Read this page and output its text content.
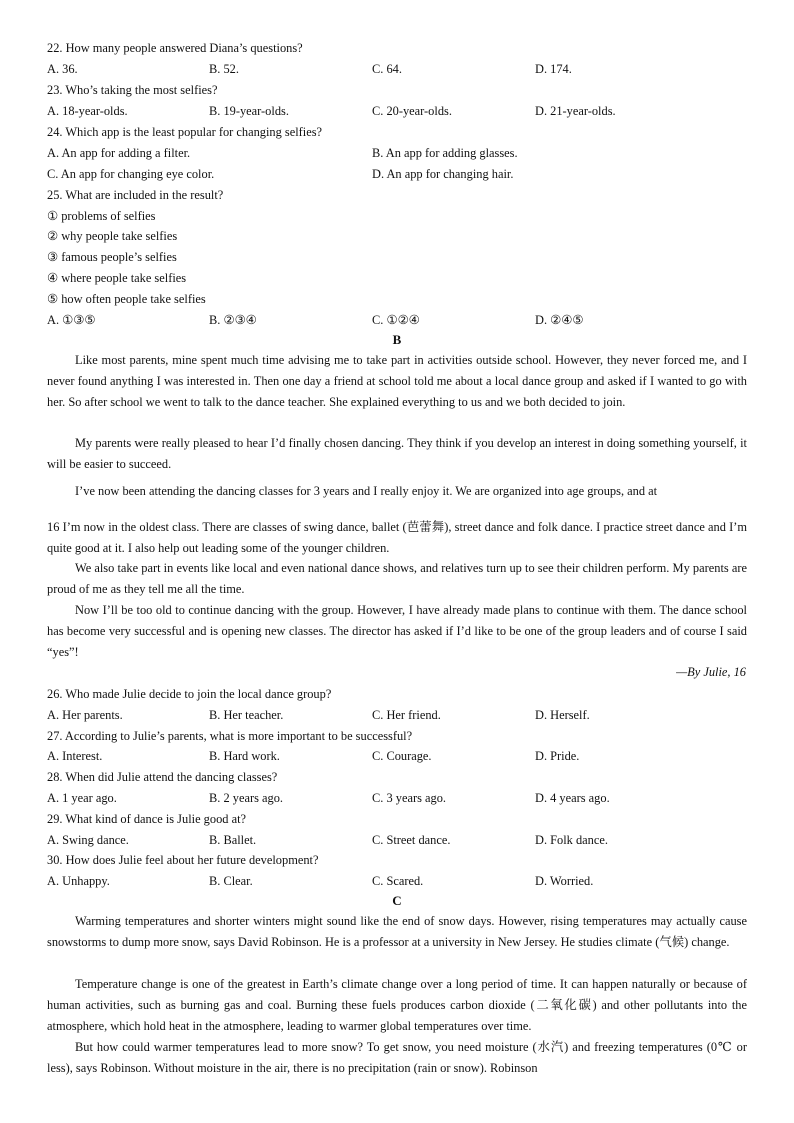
22. How many people answered Diana’s questions?
A. 36.	B. 52.	C. 64.	D. 174.
23. Who’s taking the most selfies?
A. 18-year-olds.	B. 19-year-olds.	C. 20-year-olds.	D. 21-year-olds.
24. Which app is the least popular for changing selfies?
A. An app for adding a filter.	B. An app for adding glasses.
C. An app for changing eye color.	D. An app for changing hair.
25. What are included in the result?
① problems of selfies
② why people take selfies
③ famous people’s selfies
④ where people take selfies
⑤ how often people take selfies
A. ①③⑤	B. ②③④	C. ①②④	D. ②④⑤
B
Like most parents, mine spent much time advising me to take part in activities outside school. However, they never forced me, and I never found anything I was interested in. Then one day a friend at school told me about a local dance group and asked if I wanted to go with her. So after school we went to talk to the dance teacher. She explained everything to us and we both decided to join.
My parents were really pleased to hear I’d finally chosen dancing. They think if you develop an interest in doing something yourself, it will be easier to succeed.
I’ve now been attending the dancing classes for 3 years and I really enjoy it. We are organized into age groups, and at
16 I’m now in the oldest class. There are classes of swing dance, ballet (芭蕾舞), street dance and folk dance. I practice street dance and I’m quite good at it. I also help out leading some of the younger children.
We also take part in events like local and even national dance shows, and relatives turn up to see their children perform. My parents are proud of me as they tell me all the time.
Now I’ll be too old to continue dancing with the group. However, I have already made plans to continue with them. The dance school has become very successful and is opening new classes. The director has asked if I’d like to be one of the group leaders and of course I said “yes”!
—By Julie, 16
26. Who made Julie decide to join the local dance group?
A. Her parents.	B. Her teacher.	C. Her friend.	D. Herself.
27. According to Julie’s parents, what is more important to be successful?
A. Interest.	B. Hard work.	C. Courage.	D. Pride.
28. When did Julie attend the dancing classes?
A. 1 year ago.	B. 2 years ago.	C. 3 years ago.	D. 4 years ago.
29. What kind of dance is Julie good at?
A. Swing dance.	B. Ballet.	C. Street dance.	D. Folk dance.
30. How does Julie feel about her future development?
A. Unhappy.	B. Clear.	C. Scared.	D. Worried.
C
Warming temperatures and shorter winters might sound like the end of snow days. However, rising temperatures may actually cause snowstorms to dump more snow, says David Robinson. He is a professor at a university in New Jersey. He studies climate (气候) change.
Temperature change is one of the greatest in Earth’s climate change over a long period of time. It can happen naturally or because of human activities, such as burning gas and coal. Burning these fuels produces carbon dioxide (二氧化碳) and other pollutants into the atmosphere, which hold heat in the atmosphere, leading to warmer global temperatures over time.
But how could warmer temperatures lead to more snow? To get snow, you need moisture (水汽) and freezing temperatures (0℃ or less), says Robinson. Without moisture in the air, there is no precipitation (rain or snow). Robinson
